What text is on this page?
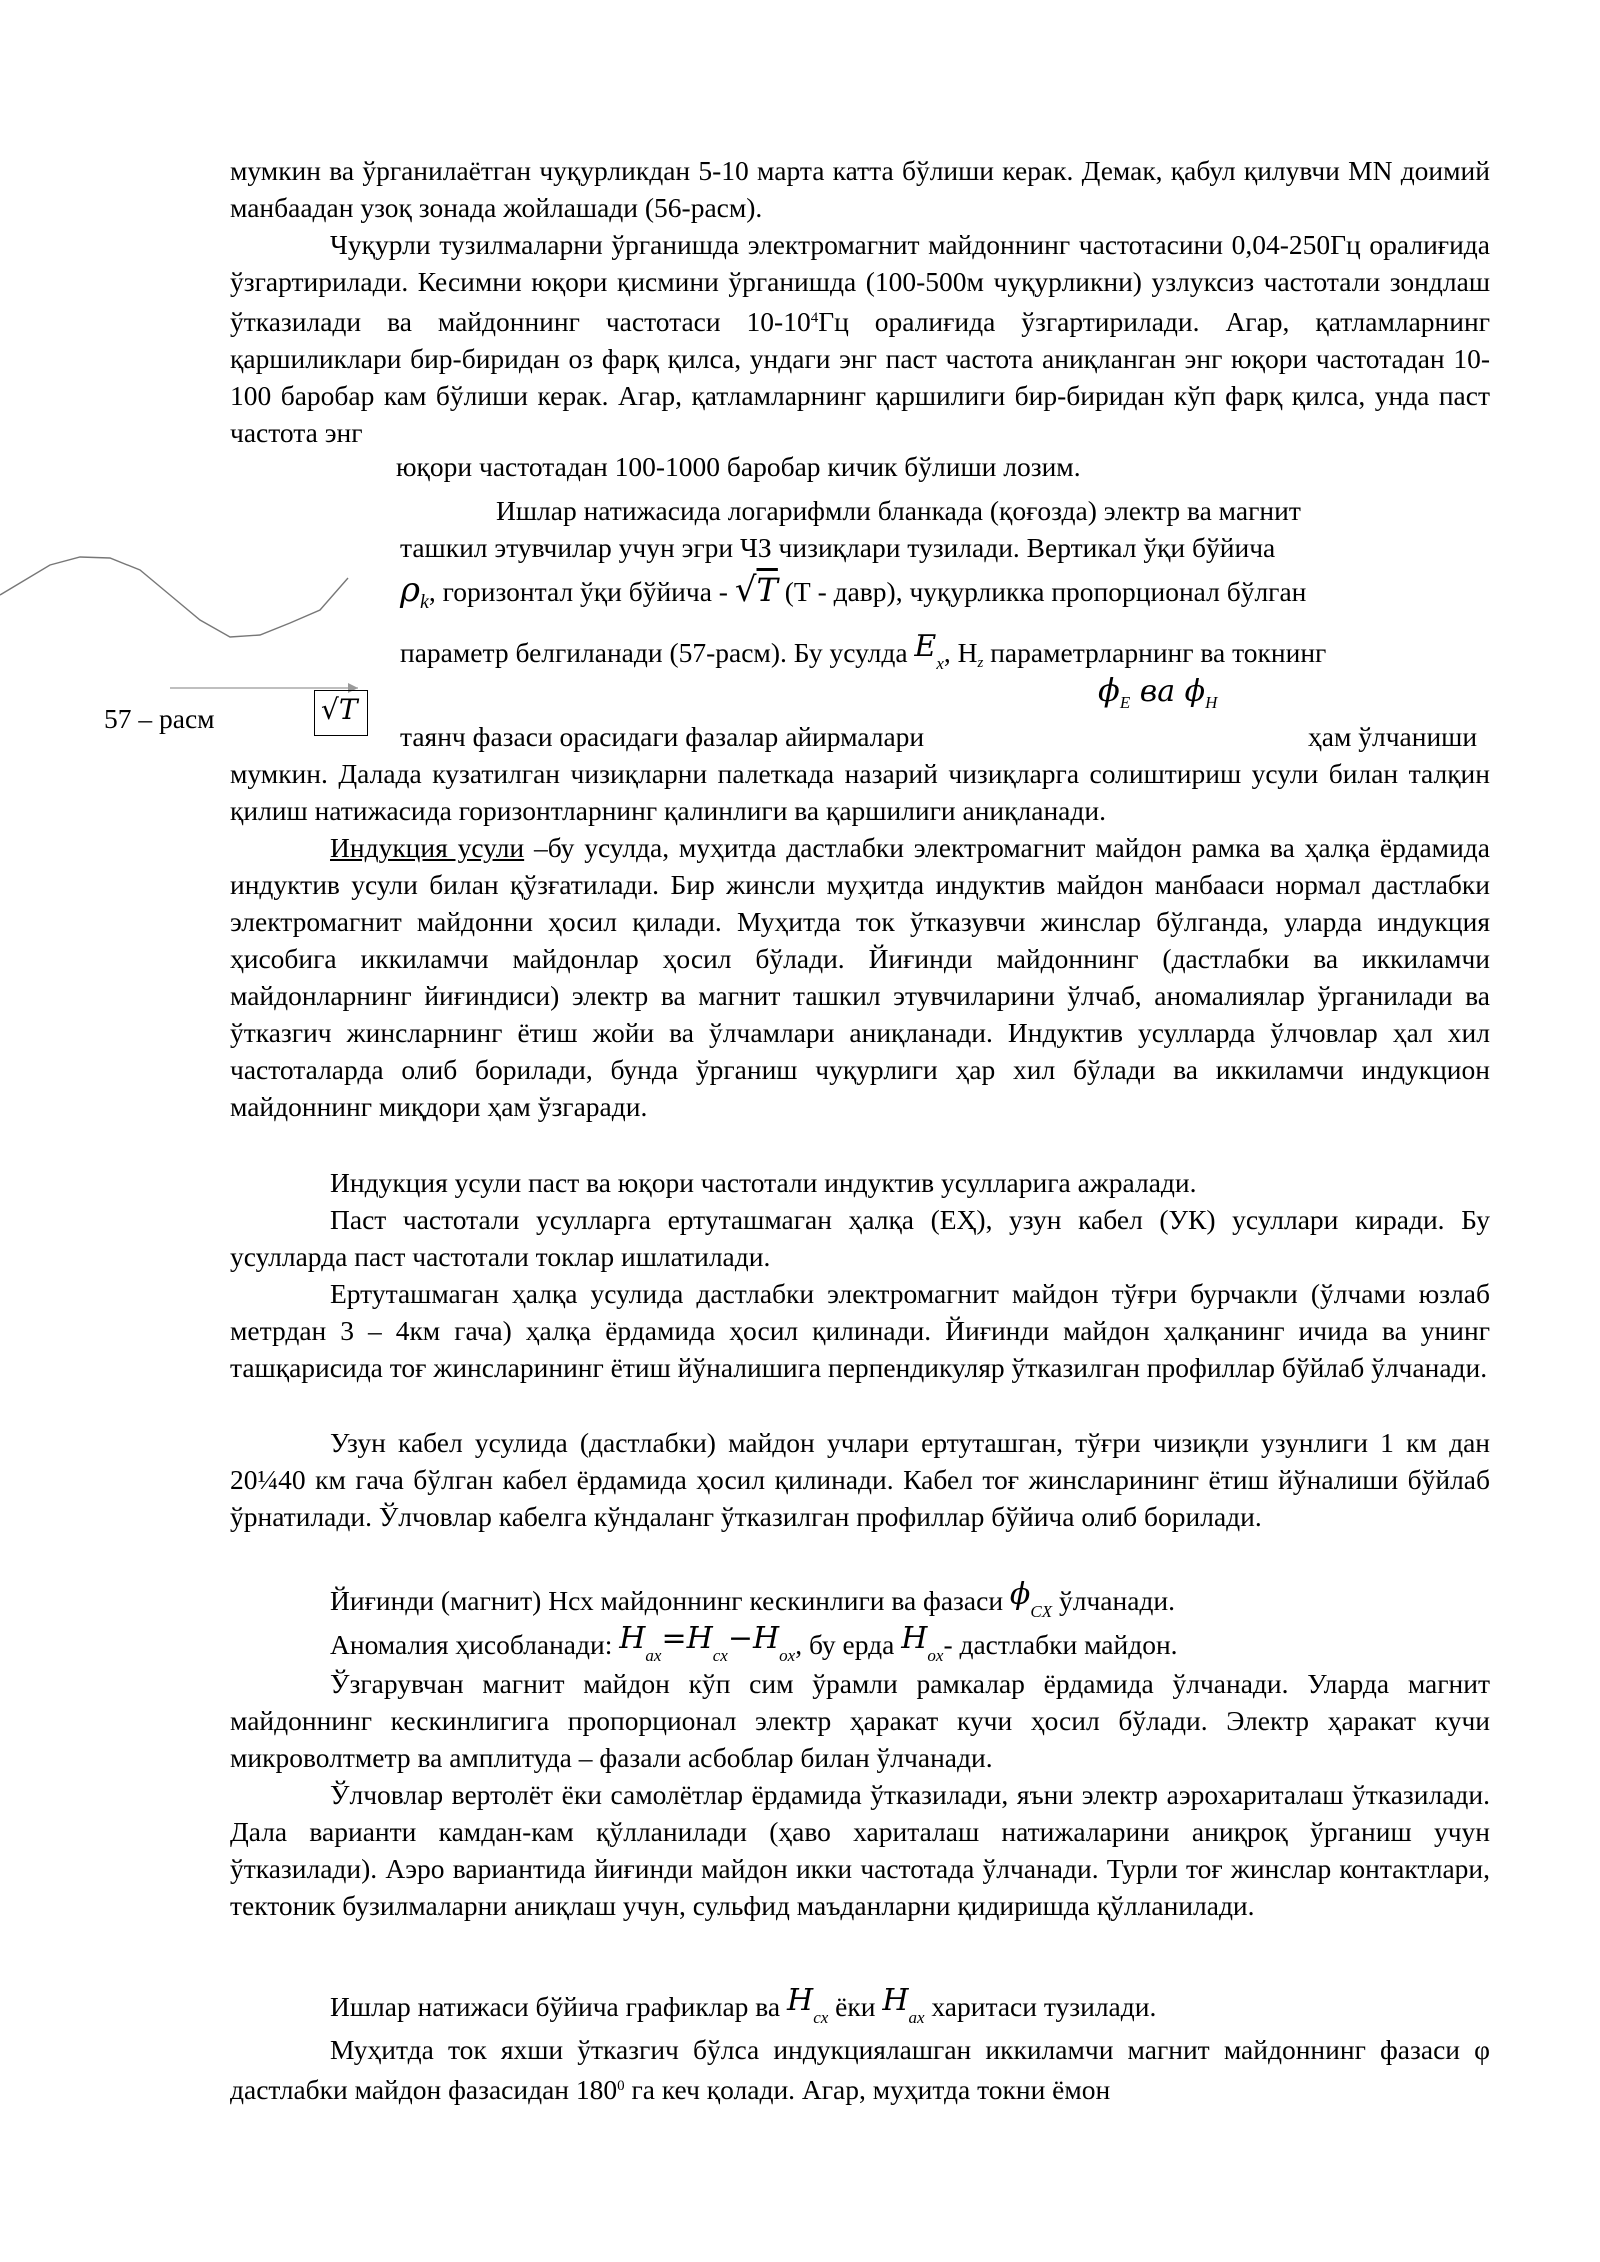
мумкин ва ўрганилаётган чуқурликдан 5-10 марта катта бўлиши керак. Демак, қабул қилувчи MN доимий манбаадан узоқ зонада жойлашади (56-расм).

Чуқурли тузилмаларни ўрганишда электромагнит майдоннинг частотасини 0,04-250Гц оралиғида ўзгартирилади. Кесимни юқори қисмини ўрганишда (100-500м чуқурликни) узлуксиз частотали зондлаш ўтказилади ва майдоннинг частотаси $10-10^4Гц$ оралиғида ўзгартирилади. Агар, қатламларнинг қаршиликлари бир-биридан оз фарқ қилса, ундаги энг паст частота аниқланган энг юқори частотадан 10-100 баробар кам бўлиши керак. Агар, қатламларнинг қаршилиги бир-биридан кўп фарқ қилса, унда паст частота энг

юқори частотадан 100-1000 баробар кичик бўлиши лозим.

57 – расм	√T

Ишлар натижасида логарифмли бланкада (қоғозда) электр ва магнит

ташкил этувчилар учун эгри ЧЗ чизиқлари тузилади. Вертикал ўқи бўйича

$\rho_k$, горизонтал ўқи бўйича - √T (Т - давр), чуқурликка пропорционал бўлган
параметр белгиланади (57-расм). Бу усулда $E_x$, $H_z$ параметрларнинг ва токнинг
$\phi_E$ ва $\phi_H$
таянч фазаси орасидаги фазалар айирмалари	ҳам ўлчаниши

мумкин. Далада кузатилган чизиқларни палеткада назарий чизиқларга солиштириш усули билан талқин қилиш натижасида горизонтларнинг қалинлиги ва қаршилиги аниқланади.

Индукция усули –бу усулда, муҳитда дастлабки электромагнит майдон рамка ва ҳалқа ёрдамида индуктив усули билан қўзғатилади. Бир жинсли муҳитда индуктив майдон манбааси нормал дастлабки электромагнит майдонни ҳосил қилади. Муҳитда ток ўтказувчи жинслар бўлганда, уларда индукция ҳисобига иккиламчи майдонлар ҳосил бўлади. Йиғинди майдоннинг (дастлабки ва иккиламчи майдонларнинг йиғиндиси) электр ва магнит ташкил этувчиларини ўлчаб, аномалиялар ўрганилади ва ўтказгич жинсларнинг ётиш жойи ва ўлчамлари аниқланади. Индуктив усулларда ўлчовлар ҳал хил частоталарда олиб борилади, бунда ўрганиш чуқурлиги ҳар хил бўлади ва иккиламчи индукцион майдоннинг миқдори ҳам ўзгаради.

Индукция усули паст ва юқори частотали индуктив усулларига ажралади.

Паст частотали усулларга ертуташмаган ҳалқа (ЕҲ), узун кабел (УК) усуллари киради. Бу усулларда паст частотали токлар ишлатилади.

Ертуташмаган ҳалқа усулида дастлабки электромагнит майдон тўғри бурчакли (ўлчами юзлаб метрдан 3 – 4км гача) ҳалқа ёрдамида ҳосил қилинади. Йиғинди майдон ҳалқанинг ичида ва унинг ташқарисида тоғ жинсларининг ётиш йўналишига перпендикуляр ўтказилган профиллар бўйлаб ўлчанади.

Узун кабел усулида (дастлабки) майдон учлари ертуташган, тўғри чизиқли узунлиги 1 км дан 20¼40 км гача бўлган кабел ёрдамида ҳосил қилинади. Кабел тоғ жинсларининг ётиш йўналиши бўйлаб ўрнатилади. Ўлчовлар кабелга кўндаланг ўтказилган профиллар бўйича олиб борилади.

Йиғинди (магнит) Нсх майдоннинг кескинлиги ва фазаси $\phi_{CX}$ ўлчанади.
Аномалия ҳисобланади: $H_{ax}=H_{cx}-H_{ox}$, бу ерда $H_{ox}-$ дастлабки майдон.

Ўзгарувчан магнит майдон кўп сим ўрамли рамкалар ёрдамида ўлчанади. Уларда магнит майдоннинг кескинлигига пропорционал электр ҳаракат кучи ҳосил бўлади. Электр ҳаракат кучи микроволтметр ва амплитуда – фазали асбоблар билан ўлчанади.

Ўлчовлар вертолёт ёки самолётлар ёрдамида ўтказилади, яъни электр аэрохариталаш ўтказилади. Дала варианти камдан-кам қўлланилади (ҳаво хариталаш натижаларини аниқроқ ўрганиш учун ўтказилади). Аэро вариантида йиғинди майдон икки частотада ўлчанади. Турли тоғ жинслар контактлари, тектоник бузилмаларни аниқлаш учун, сульфид маъданларни қидиришда қўлланилади.

Ишлар натижаси бўйича графиклар ва $H_{cx}$ ёки $H_{ax}$ харитаси тузилади.

Муҳитда ток яхши ўтказгич бўлса индукциялашган иккиламчи магнит майдоннинг фазаси φ дастлабки майдон фазасидан $180^0$ га кеч қолади. Агар, муҳитда токни ёмон
